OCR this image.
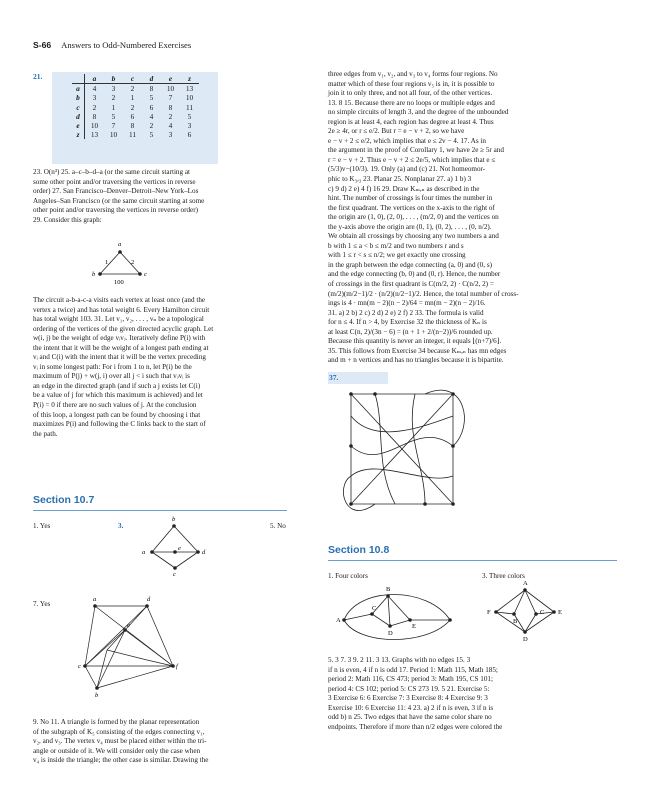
S-66 Answers to Odd-Numbered Exercises
21.
		a	b	c	d	e	z
a	4	3	2	8	10	13
b	3	2	1	5	7	10
c	2	1	2	6	8	11
d	8	5	6	4	2	5
e	10	7	8	2	4	3
z	13	10	11	5	3	6

23. O(n³) 25. a–c–b–d–a (or the same circuit starting at

some other point and/or traversing the vertices in reverse

order) 27. San Francisco–Denver–Detroit–New York–Los

Angeles–San Francisco (or the same circuit starting at some

other point and/or traversing the vertices in reverse order)

29. Consider this graph:

a
b	c
1	2
100

The circuit a-b-a-c-a visits each vertex at least once (and the

vertex a twice) and has total weight 6. Every Hamilton circuit

has total weight 103. 31. Let v₁, v₂, . . . , vₙ be a topological

ordering of the vertices of the given directed acyclic graph. Let

w(i, j) be the weight of edge vᵢvⱼ. Iteratively define P(i) with

the intent that it will be the weight of a longest path ending at

vᵢ and C(i) with the intent that it will be the vertex preceding

vᵢ in some longest path: For i from 1 to n, let P(i) be the

maximum of P(j) + w(j, i) over all j < i such that vⱼvᵢ is

an edge in the directed graph (and if such a j exists let C(i)

be a value of j for which this maximum is achieved) and let

P(i) = 0 if there are no such values of j. At the conclusion

of this loop, a longest path can be found by choosing i that

maximizes P(i) and following the C links back to the start of

the path.

Section 10.7
1. Yes	3.	5. No
b
a
e
d
c
7. Yes
a	d
e
c	f
b

9. No 11. A triangle is formed by the planar representation

of the subgraph of K₅ consisting of the edges connecting v₁,

v₂, and v₃. The vertex v₄ must be placed either within the tri-

angle or outside of it. We will consider only the case when

v₄ is inside the triangle; the other case is similar. Drawing the

three edges from v₁, v₂, and v₃ to v₄ forms four regions. No

matter which of these four regions v₅ is in, it is possible to

join it to only three, and not all four, of the other vertices.

13. 8 15. Because there are no loops or multiple edges and

no simple circuits of length 3, and the degree of the unbounded

region is at least 4, each region has degree at least 4. Thus

2e ≥ 4r, or r ≤ e/2. But r = e − v + 2, so we have

e − v + 2 ≤ e/2, which implies that e ≤ 2v − 4. 17. As in

the argument in the proof of Corollary 1, we have 2e ≥ 5r and

r = e − v + 2. Thus e − v + 2 ≤ 2e/5, which implies that e ≤

(5/3)v−(10/3). 19. Only (a) and (c) 21. Not homeomor-

phic to K₃,₃ 23. Planar 25. Nonplanar 27. a) 1 b) 3

c) 9 d) 2 e) 4 f) 16 29. Draw Kₘ,ₙ as described in the

hint. The number of crossings is four times the number in

the first quadrant. The vertices on the x-axis to the right of

the origin are (1, 0), (2, 0), . . . , (m/2, 0) and the vertices on

the y-axis above the origin are (0, 1), (0, 2), . . . , (0, n/2).

We obtain all crossings by choosing any two numbers a and

b with 1 ≤ a < b ≤ m/2 and two numbers r and s

with 1 ≤ r < s ≤ n/2; we get exactly one crossing

in the graph between the edge connecting (a, 0) and (0, s)

and the edge connecting (b, 0) and (0, r). Hence, the number

of crossings in the first quadrant is C(m/2, 2) · C(n/2, 2) =

(m/2)(m/2−1)/2 · (n/2)(n/2−1)/2. Hence, the total number of cross-

ings is 4 · mn(m − 2)(n − 2)/64 = mn(m − 2)(n − 2)/16.

31. a) 2 b) 2 c) 2 d) 2 e) 2 f) 2 33. The formula is valid

for n ≤ 4. If n > 4, by Exercise 32 the thickness of Kₙ is

at least C(n, 2)/(3n − 6) = (n + 1 + 2/(n−2))/6 rounded up.

Because this quantity is never an integer, it equals ⌊(n+7)/6⌋.

35. This follows from Exercise 34 because Kₘ,ₙ has mn edges

and m + n vertices and has no triangles because it is bipartite.

37.
Section 10.8
1. Four colors	3. Three colors
B
C
A
D
E
A
F	C E
B
D

5. 3 7. 3 9. 2 11. 3 13. Graphs with no edges 15. 3

if n is even, 4 if n is odd 17. Period 1: Math 115, Math 185;

period 2: Math 116, CS 473; period 3: Math 195, CS 101;

period 4: CS 102; period 5: CS 273 19. 5 21. Exercise 5:

3 Exercise 6: 6 Exercise 7: 3 Exercise 8: 4 Exercise 9: 3

Exercise 10: 6 Exercise 11: 4 23. a) 2 if n is even, 3 if n is

odd b) n 25. Two edges that have the same color share no

endpoints. Therefore if more than n/2 edges were colored the
